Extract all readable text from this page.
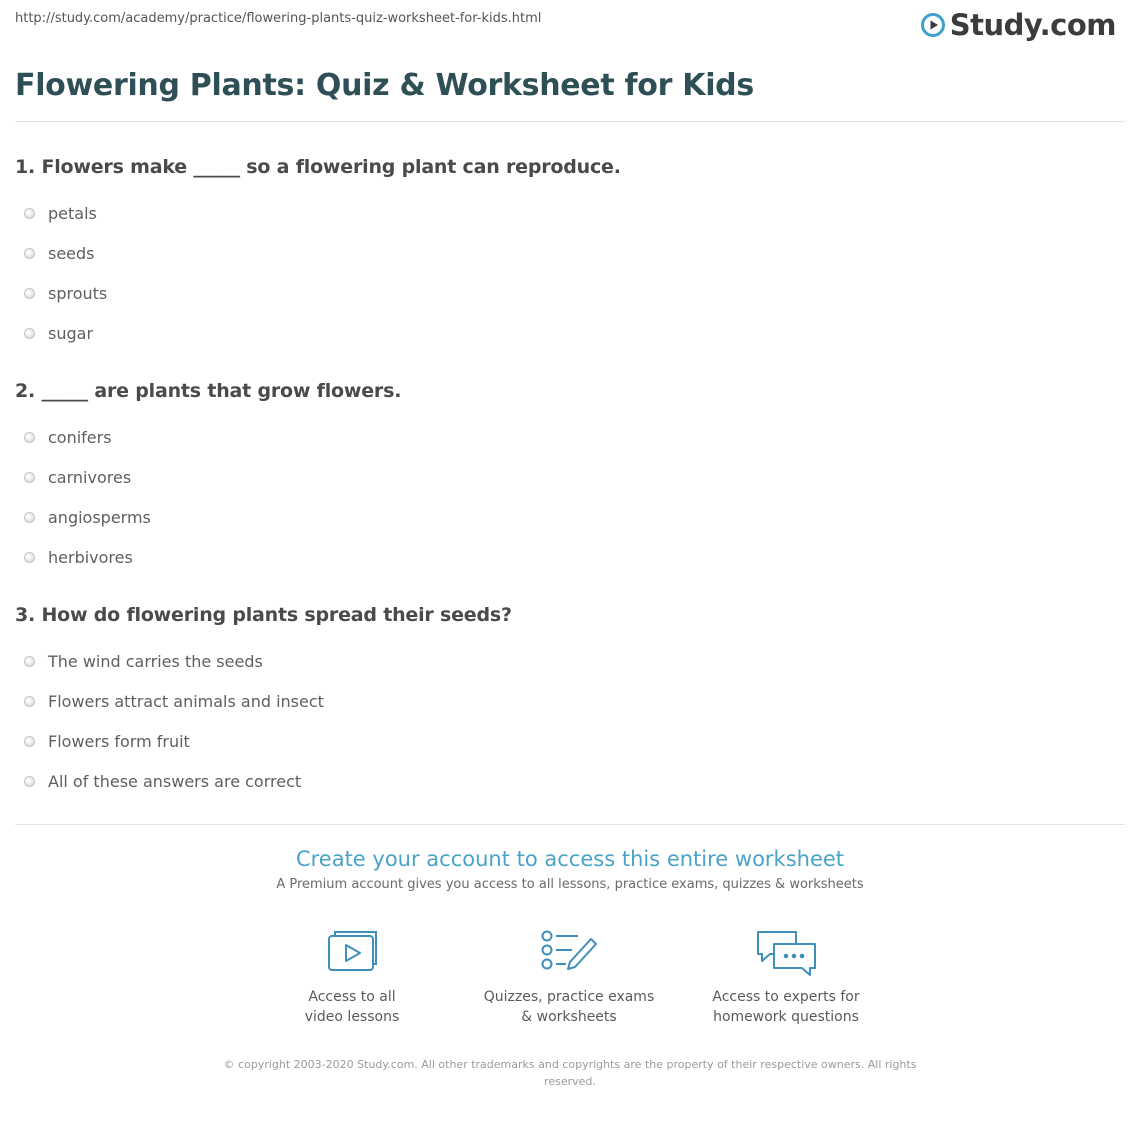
http://study.com/academy/practice/flowering-plants-quiz-worksheet-for-kids.html	Study.com
Flowering Plants: Quiz & Worksheet for Kids
1. Flowers make _____ so a flowering plant can reproduce.
petals
seeds
sprouts
sugar
2. _____ are plants that grow flowers.
conifers
carnivores
angiosperms
herbivores
3. How do flowering plants spread their seeds?
The wind carries the seeds
Flowers attract animals and insect
Flowers form fruit
All of these answers are correct
Create your account to access this entire worksheet
A Premium account gives you access to all lessons, practice exams, quizzes & worksheets
Access to all
video lessons
Quizzes, practice exams
& worksheets
Access to experts for
homework questions
© copyright 2003-2020 Study.com. All other trademarks and copyrights are the property of their respective owners. All rights reserved.
